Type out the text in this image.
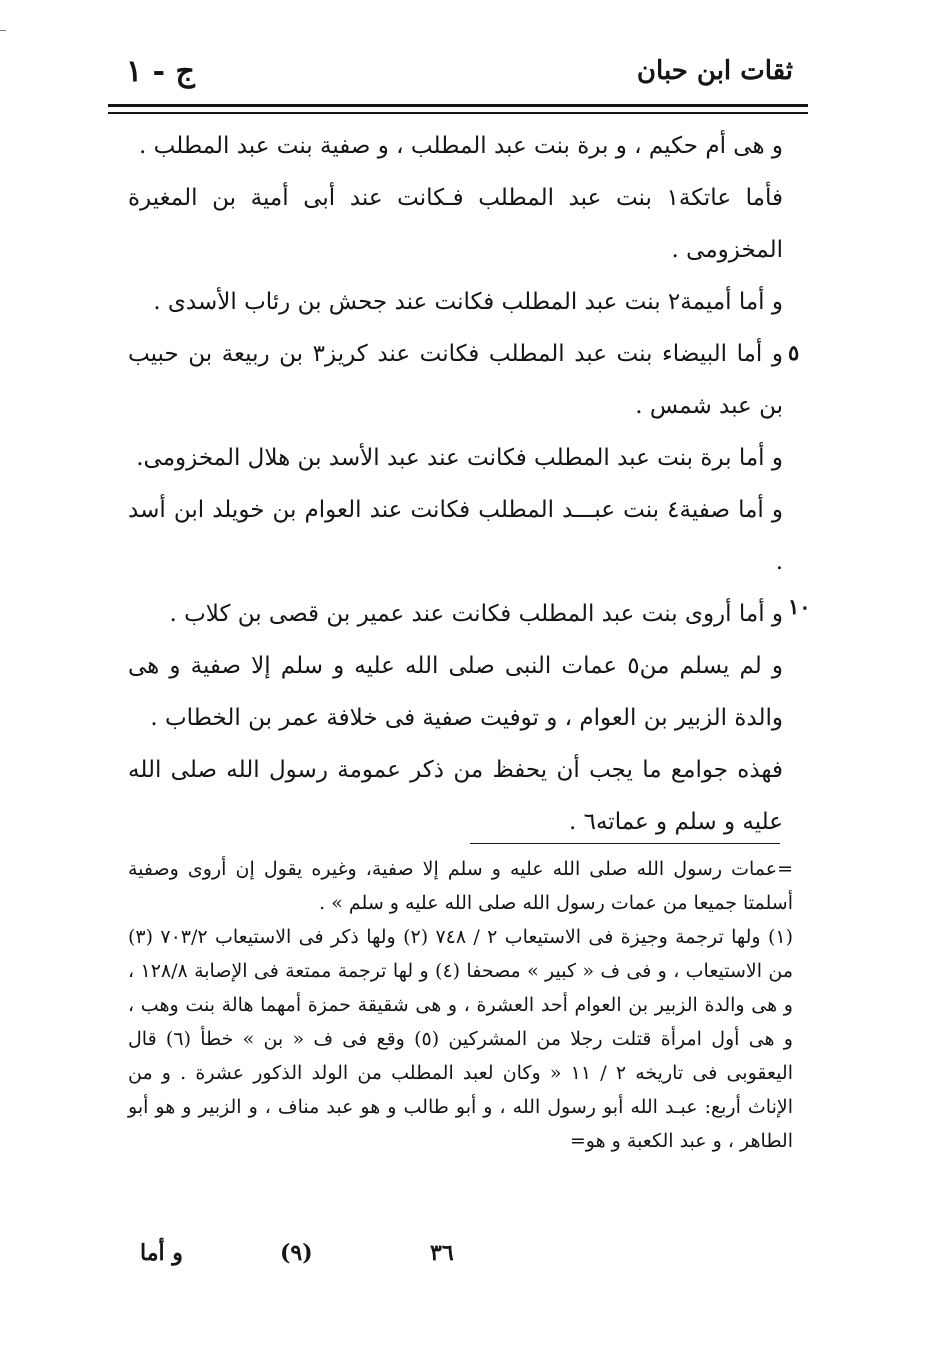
ثقات ابن حبان
ج - ١

و هى أم حكيم ، و برة بنت عبد المطلب ، و صفية بنت عبد المطلب .

فأما عاتكة١ بنت عبد المطلب فـكانت عند أبى أمية بن المغيرة المخزومى .

و أما أميمة٢ بنت عبد المطلب فكانت عند جحش بن رئاب الأسدى .

و أما البيضاء بنت عبد المطلب فكانت عند كريز٣ بن ربيعة بن حبيب بن عبد شمس .

و أما برة بنت عبد المطلب فكانت عند عبد الأسد بن هلال المخزومى.

و أما صفية٤ بنت عبـــد المطلب فكانت عند العوام بن خويلد ابن أسد .

و أما أروى بنت عبد المطلب فكانت عند عمير بن قصى بن كلاب .

و لم يسلم من٥ عمات النبى صلى الله عليه و سلم إلا صفية و هى والدة الزبير بن العوام ، و توفيت صفية فى خلافة عمر بن الخطاب .

فهذه جوامع ما يجب أن يحفظ من ذكر عمومة رسول الله صلى الله عليه و سلم و عماته٦ .

٥
١٠

=عمات رسول الله صلى الله عليه و سلم إلا صفية، وغيره يقول إن أروى وصفية أسلمتا جميعا من عمات رسول الله صلى الله عليه و سلم » .

(١) ولها ترجمة وجيزة فى الاستيعاب ٢ / ٧٤٨ (٢) ولها ذكر فى الاستيعاب ٧٠٣/٢ (٣) من الاستيعاب ، و فى ف « كبير » مصحفا (٤) و لها ترجمة ممتعة فى الإصابة ١٢٨/٨ ، و هى والدة الزبير بن العوام أحد العشرة ، و هى شقيقة حمزة أمهما هالة بنت وهب ، و هى أول امرأة قتلت رجلا من المشركين (٥) وقع فى ف « بن » خطأ (٦) قال اليعقوبى فى تاريخه ٢ / ١١ « وكان لعبد المطلب من الولد الذكور عشرة . و من الإناث أربع: عبـد الله أبو رسول الله ، و أبو طالب و هو عبد مناف ، و الزبير و هو أبو الطاهر ، و عبد الكعبة و هو=

٣٦
(٩)
و أما
